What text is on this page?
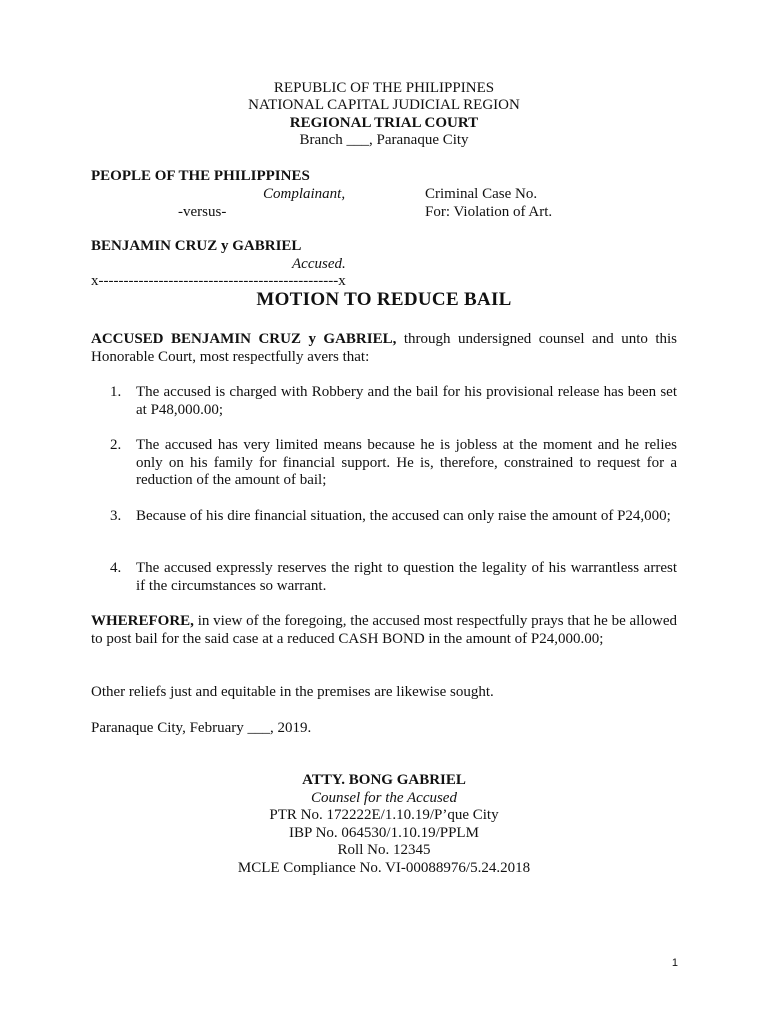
REPUBLIC OF THE PHILIPPINES
NATIONAL CAPITAL JUDICIAL REGION
REGIONAL TRIAL COURT
Branch ___, Paranaque City
PEOPLE OF THE PHILIPPINES
Complainant,	Criminal Case No.
-versus-	For: Violation of Art.
BENJAMIN CRUZ y GABRIEL
Accused.
x------------------------------------------------x
MOTION TO REDUCE BAIL
ACCUSED BENJAMIN CRUZ y GABRIEL, through undersigned counsel and unto this Honorable Court, most respectfully avers that:
1. The accused is charged with Robbery and the bail for his provisional release has been set at P48,000.00;
2. The accused has very limited means because he is jobless at the moment and he relies only on his family for financial support. He is, therefore, constrained to request for a reduction of the amount of bail;
3. Because of his dire financial situation, the accused can only raise the amount of P24,000;
4. The accused expressly reserves the right to question the legality of his warrantless arrest if the circumstances so warrant.
WHEREFORE, in view of the foregoing, the accused most respectfully prays that he be allowed to post bail for the said case at a reduced CASH BOND in the amount of P24,000.00;
Other reliefs just and equitable in the premises are likewise sought.
Paranaque City, February ___, 2019.
ATTY. BONG GABRIEL
Counsel for the Accused
PTR No. 172222E/1.10.19/P’que City
IBP No. 064530/1.10.19/PPLM
Roll No. 12345
MCLE Compliance No. VI-00088976/5.24.2018
1
